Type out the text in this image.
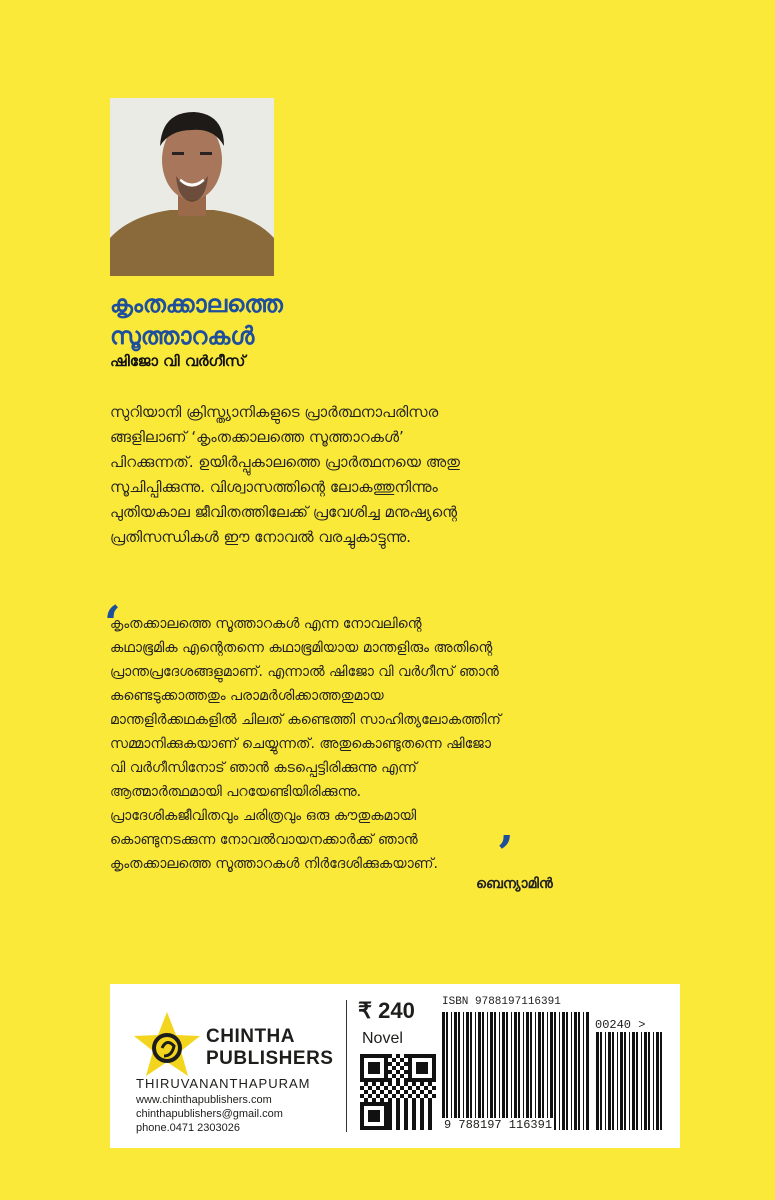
കൃംതക്കാലത്തെ
സൂത്താറകൾ
ഷിജോ വി വർഗീസ്

സുറിയാനി ക്രിസ്ത്യാനികളുടെ പ്രാർത്ഥനാപരിസര

ങ്ങളിലാണ് ‘കൃംതക്കാലത്തെ സൂത്താറകൾ’

പിറക്കുന്നത്. ഉയിർപ്പുകാലത്തെ പ്രാർത്ഥനയെ അതു

സൂചിപ്പിക്കുന്നു. വിശ്വാസത്തിന്റെ ലോകത്തുനിന്നും

പുതിയകാല ജീവിതത്തിലേക്ക് പ്രവേശിച്ച മനുഷ്യന്റെ

പ്രതിസന്ധികൾ ഈ നോവൽ വരച്ചുകാട്ടുന്നു.

‘

കൃംതക്കാലത്തെ സൂത്താറകൾ എന്ന നോവലിന്റെ

കഥാഭൂമിക എന്റെതന്നെ കഥാഭൂമിയായ മാന്തളിരും അതിന്റെ

പ്രാന്തപ്രദേശങ്ങളുമാണ്. എന്നാൽ ഷിജോ വി വർഗീസ് ഞാൻ

കണ്ടെടുക്കാത്തതും പരാമർശിക്കാത്തതുമായ

മാന്തളിർക്കഥകളിൽ ചിലത് കണ്ടെത്തി സാഹിത്യലോകത്തിന്

സമ്മാനിക്കുകയാണ് ചെയ്യുന്നത്. അതുകൊണ്ടുതന്നെ ഷിജോ

വി വർഗീസിനോട് ഞാൻ കടപ്പെട്ടിരിക്കുന്നു എന്ന്

ആത്മാർത്ഥമായി പറയേണ്ടിയിരിക്കുന്നു.

പ്രാദേശികജീവിതവും ചരിത്രവും ഒരു കൗതുകമായി

കൊണ്ടുനടക്കുന്ന നോവൽവായനക്കാർക്ക് ഞാൻ

കൃംതക്കാലത്തെ സൂത്താറകൾ നിർദേശിക്കുകയാണ്.	’
ബെന്യാമിൻ
CHINTHA
PUBLISHERS
THIRUVANANTHAPURAM
www.chinthapublishers.com
chinthapublishers@gmail.com
phone.0471 2303026
₹ 240
Novel
ISBN 9788197116391
9 788197 116391
00240 >
